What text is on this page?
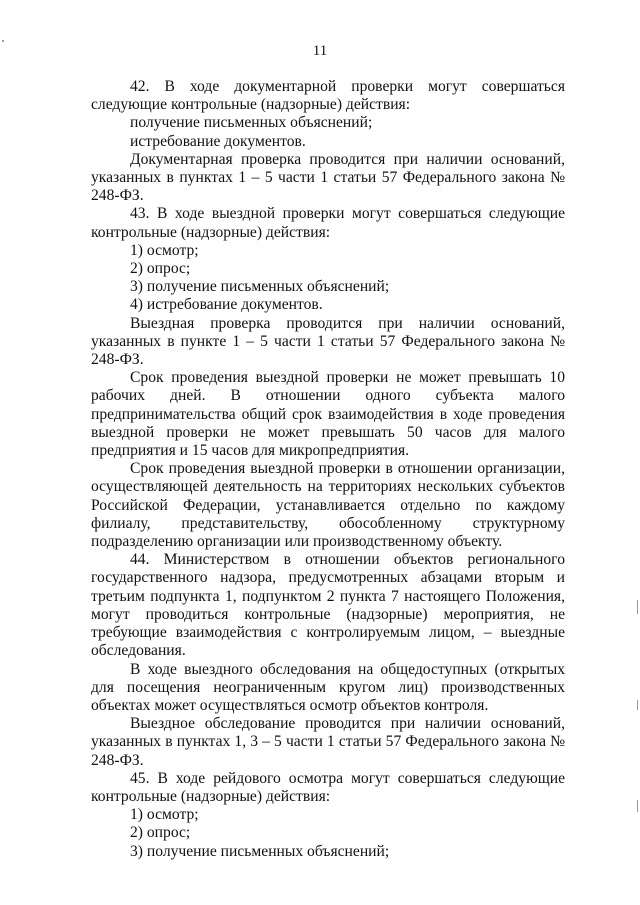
11

42. В ходе документарной проверки могут совершаться следующие контрольные (надзорные) действия:

получение письменных объяснений;

истребование документов.

Документарная проверка проводится при наличии оснований, указанных в пунктах 1 – 5 части 1 статьи 57 Федерального закона № 248-ФЗ.

43. В ходе выездной проверки могут совершаться следующие контрольные (надзорные) действия:

1) осмотр;

2) опрос;

3) получение письменных объяснений;

4) истребование документов.

Выездная проверка проводится при наличии оснований, указанных в пункте 1 – 5 части 1 статьи 57 Федерального закона № 248-ФЗ.

Срок проведения выездной проверки не может превышать 10 рабочих дней. В отношении одного субъекта малого предпринимательства общий срок взаимодействия в ходе проведения выездной проверки не может превышать 50 часов для малого предприятия и 15 часов для микропредприятия.

Срок проведения выездной проверки в отношении организации, осуществляющей деятельность на территориях нескольких субъектов Российской Федерации, устанавливается отдельно по каждому филиалу, представительству, обособленному структурному подразделению организации или производственному объекту.

44. Министерством в отношении объектов регионального государственного надзора, предусмотренных абзацами вторым и третьим подпункта 1, подпунктом 2 пункта 7 настоящего Положения, могут проводиться контрольные (надзорные) мероприятия, не требующие взаимодействия с контролируемым лицом, – выездные обследования.

В ходе выездного обследования на общедоступных (открытых для посещения неограниченным кругом лиц) производственных объектах может осуществляться осмотр объектов контроля.

Выездное обследование проводится при наличии оснований, указанных в пунктах 1, 3 – 5 части 1 статьи 57 Федерального закона № 248-ФЗ.

45. В ходе рейдового осмотра могут совершаться следующие контрольные (надзорные) действия:

1) осмотр;

2) опрос;

3) получение письменных объяснений;
